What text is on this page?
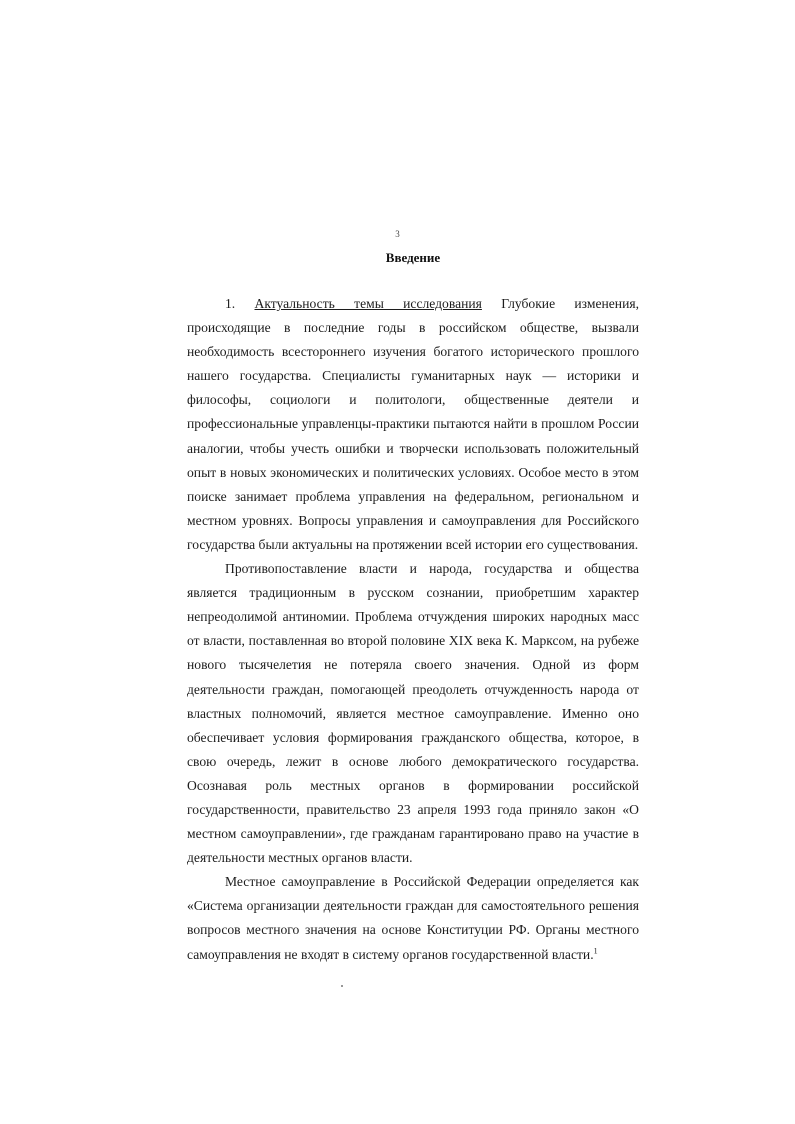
3
Введение

1. Актуальность темы исследования Глубокие изменения, происходящие в последние годы в российском обществе, вызвали необходимость всестороннего изучения богатого исторического прошлого нашего государства. Специалисты гуманитарных наук — историки и философы, социологи и политологи, общественные деятели и профессиональные управленцы-практики пытаются найти в прошлом России аналогии, чтобы учесть ошибки и творчески использовать положительный опыт в новых экономических и политических условиях. Особое место в этом поиске занимает проблема управления на федеральном, региональном и местном уровнях. Вопросы управления и самоуправления для Российского государства были актуальны на протяжении всей истории его существования.

Противопоставление власти и народа, государства и общества является традиционным в русском сознании, приобретшим характер непреодолимой антиномии. Проблема отчуждения широких народных масс от власти, поставленная во второй половине XIX века К. Марксом, на рубеже нового тысячелетия не потеряла своего значения. Одной из форм деятельности граждан, помогающей преодолеть отчужденность народа от властных полномочий, является местное самоуправление. Именно оно обеспечивает условия формирования гражданского общества, которое, в свою очередь, лежит в основе любого демократического государства. Осознавая роль местных органов в формировании российской государственности, правительство 23 апреля 1993 года приняло закон «О местном самоуправлении», где гражданам гарантировано право на участие в деятельности местных органов власти.

Местное самоуправление в Российской Федерации определяется как «Система организации деятельности граждан для самостоятельного решения вопросов местного значения на основе Конституции РФ. Органы местного самоуправления не входят в систему органов государственной власти.$^1$
